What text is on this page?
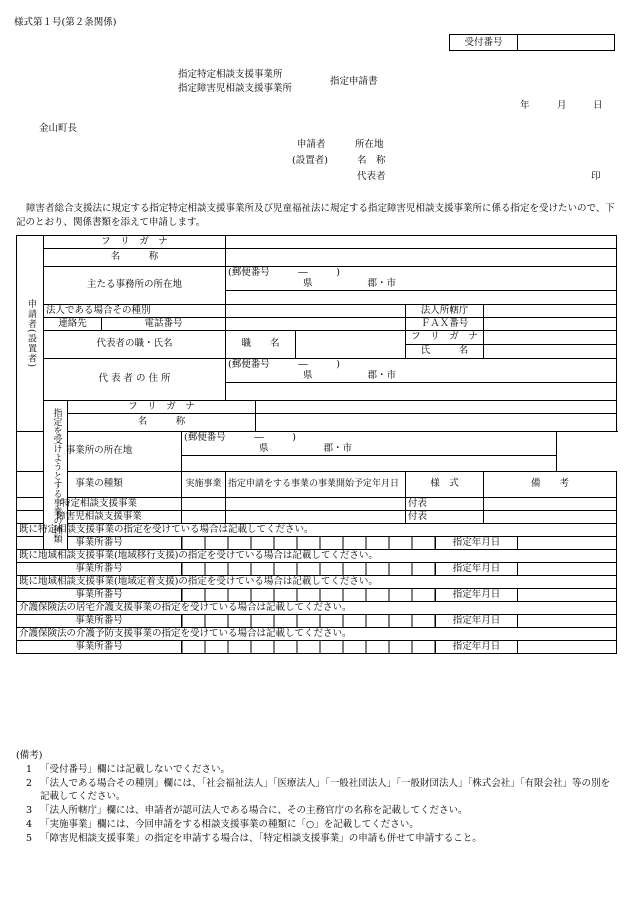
様式第１号(第２条関係)
受付番号
指定特定相談支援事業所
指定障害児相談支援事業所
指定申請書
年	月	日
金山町長
申請者	所在地
(設置者)	名　称
代表者	印
障害者総合支援法に規定する指定特定相談支援事業所及び児童福祉法に規定する指定障害児相談支援事業所に係る指定を受けたいので、下記のとおり、関係書類を添えて申請します。
申請者(設置者)	フ　リ　ガ　ナ										
	名　　　称										
	主たる事務所の所在地				(郵便番号　　　―　　　)
県 郡・市						

	法人である場合その種別							法人所轄庁			
	連絡先		電話番号					ＦＡＸ番号			
	代表者の職・氏名				職　　名			フ　リ　ガ　ナ			
								氏　　　名			
	代 表 者 の 住 所				(郵便番号　　　―　　　)
県 郡・市						

	指定を受けようとする事業の種類	フ　リ　ガ　ナ									
		名　　　称									
事業所の所在地				(郵便番号　　　―　　　)
県 郡・市							

事業の種類				実施事業	指定申請をする事業の事業開始予定年月日			様　式		備　　考	
特定相談支援事業								付表			
障害児相談支援事業								付表			
既に特定相談支援事業の指定を受けている場合は記載してください。											
事業所番号									指定年月日		
既に地域相談支援事業(地域移行支援)の指定を受けている場合は記載してください。											
事業所番号									指定年月日		
既に地域相談支援事業(地域定着支援)の指定を受けている場合は記載してください。											
事業所番号									指定年月日		
介護保険法の居宅介護支援事業の指定を受けている場合は記載してください。											
事業所番号									指定年月日		
介護保険法の介護予防支援事業の指定を受けている場合は記載してください。											
事業所番号									指定年月日		
(備考)
1 「受付番号」欄には記載しないでください。
2 「法人である場合その種別」欄には、「社会福祉法人」「医療法人」「一般社団法人」「一般財団法人」「株式会社」「有限会社」等の別を記載してください。
3 「法人所轄庁」欄には、申請者が認可法人である場合に、その主務官庁の名称を記載してください。
4 「実施事業」欄には、今回申請をする相談支援事業の種類に「○」を記載してください。
5 「障害児相談支援事業」の指定を申請する場合は、「特定相談支援事業」の申請も併せて申請すること。
